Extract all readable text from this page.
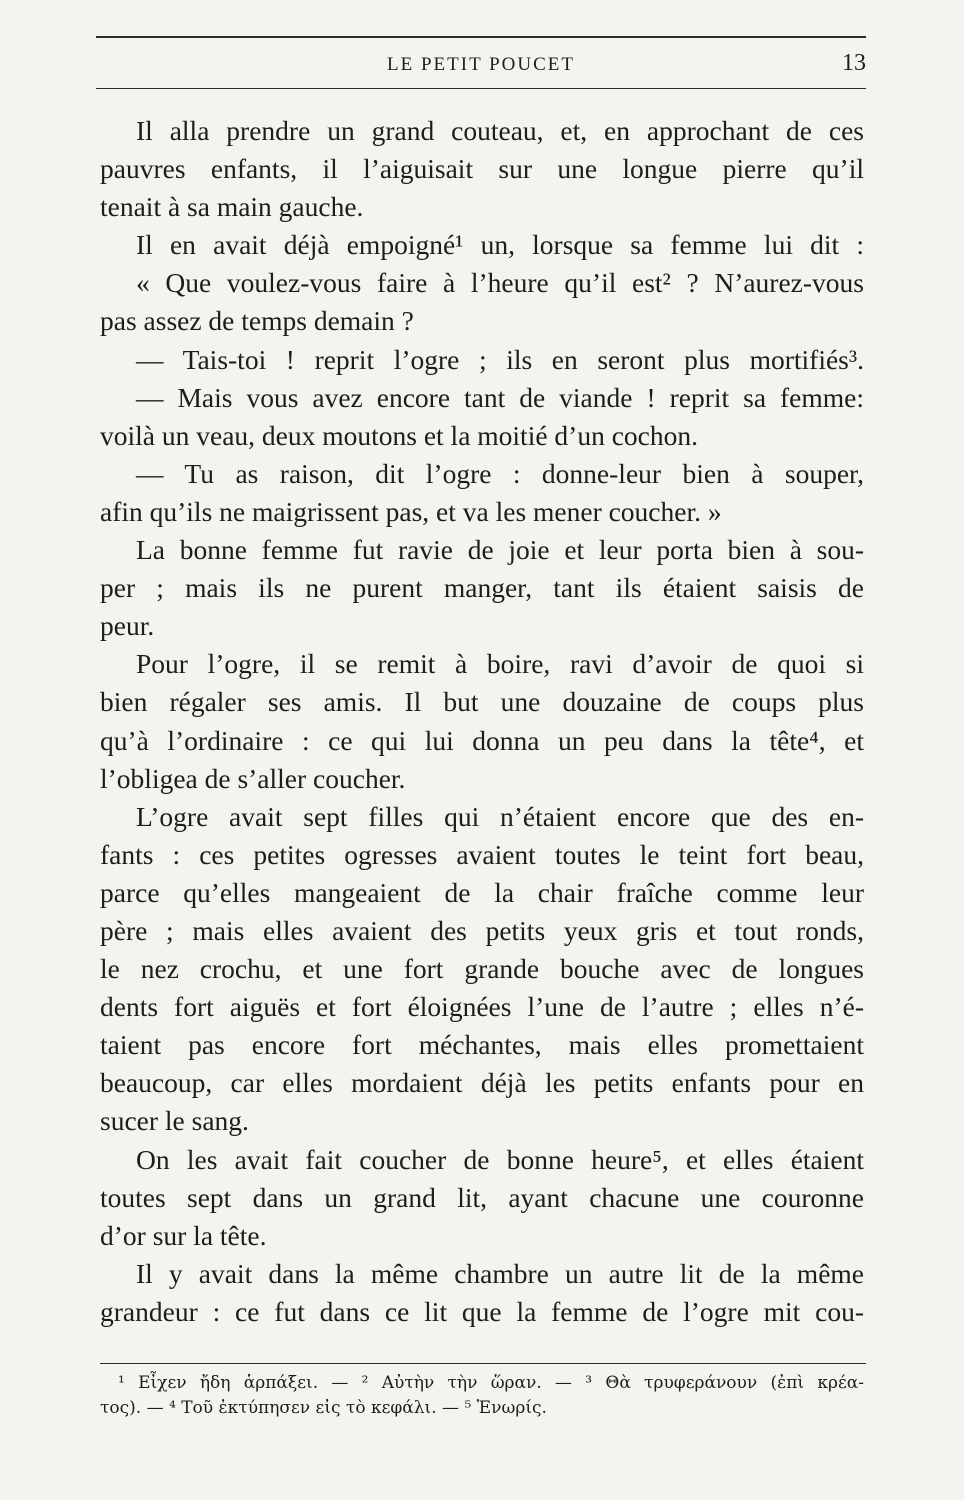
LE PETIT POUCET	13
Il alla prendre un grand couteau, et, en approchant de ces
pauvres enfants, il l’aiguisait sur une longue pierre qu’il
tenait à sa main gauche.
Il en avait déjà empoigné¹ un, lorsque sa femme lui dit :
« Que voulez-vous faire à l’heure qu’il est² ? N’aurez-vous
pas assez de temps demain ?
— Tais-toi ! reprit l’ogre ; ils en seront plus mortifiés³.
— Mais vous avez encore tant de viande ! reprit sa femme:
voilà un veau, deux moutons et la moitié d’un cochon.
— Tu as raison, dit l’ogre : donne-leur bien à souper,
afin qu’ils ne maigrissent pas, et va les mener coucher. »
La bonne femme fut ravie de joie et leur porta bien à sou-
per ; mais ils ne purent manger, tant ils étaient saisis de
peur.
Pour l’ogre, il se remit à boire, ravi d’avoir de quoi si
bien régaler ses amis. Il but une douzaine de coups plus
qu’à l’ordinaire : ce qui lui donna un peu dans la tête⁴, et
l’obligea de s’aller coucher.
L’ogre avait sept filles qui n’étaient encore que des en-
fants : ces petites ogresses avaient toutes le teint fort beau,
parce qu’elles mangeaient de la chair fraîche comme leur
père ; mais elles avaient des petits yeux gris et tout ronds,
le nez crochu, et une fort grande bouche avec de longues
dents fort aiguës et fort éloignées l’une de l’autre ; elles n’é-
taient pas encore fort méchantes, mais elles promettaient
beaucoup, car elles mordaient déjà les petits enfants pour en
sucer le sang.
On les avait fait coucher de bonne heure⁵, et elles étaient
toutes sept dans un grand lit, ayant chacune une couronne
d’or sur la tête.
Il y avait dans la même chambre un autre lit de la même
grandeur : ce fut dans ce lit que la femme de l’ogre mit cou-
¹ Εἶχεν ἤδη ἁρπάξει. — ² Αὐτὴν τὴν ὥραν. — ³ Θὰ τρυφεράνουν (ἐπὶ κρέα-
τος). — ⁴ Τοῦ ἐκτύπησεν εἰς τὸ κεφάλι. — ⁵ Ἐνωρίς.
